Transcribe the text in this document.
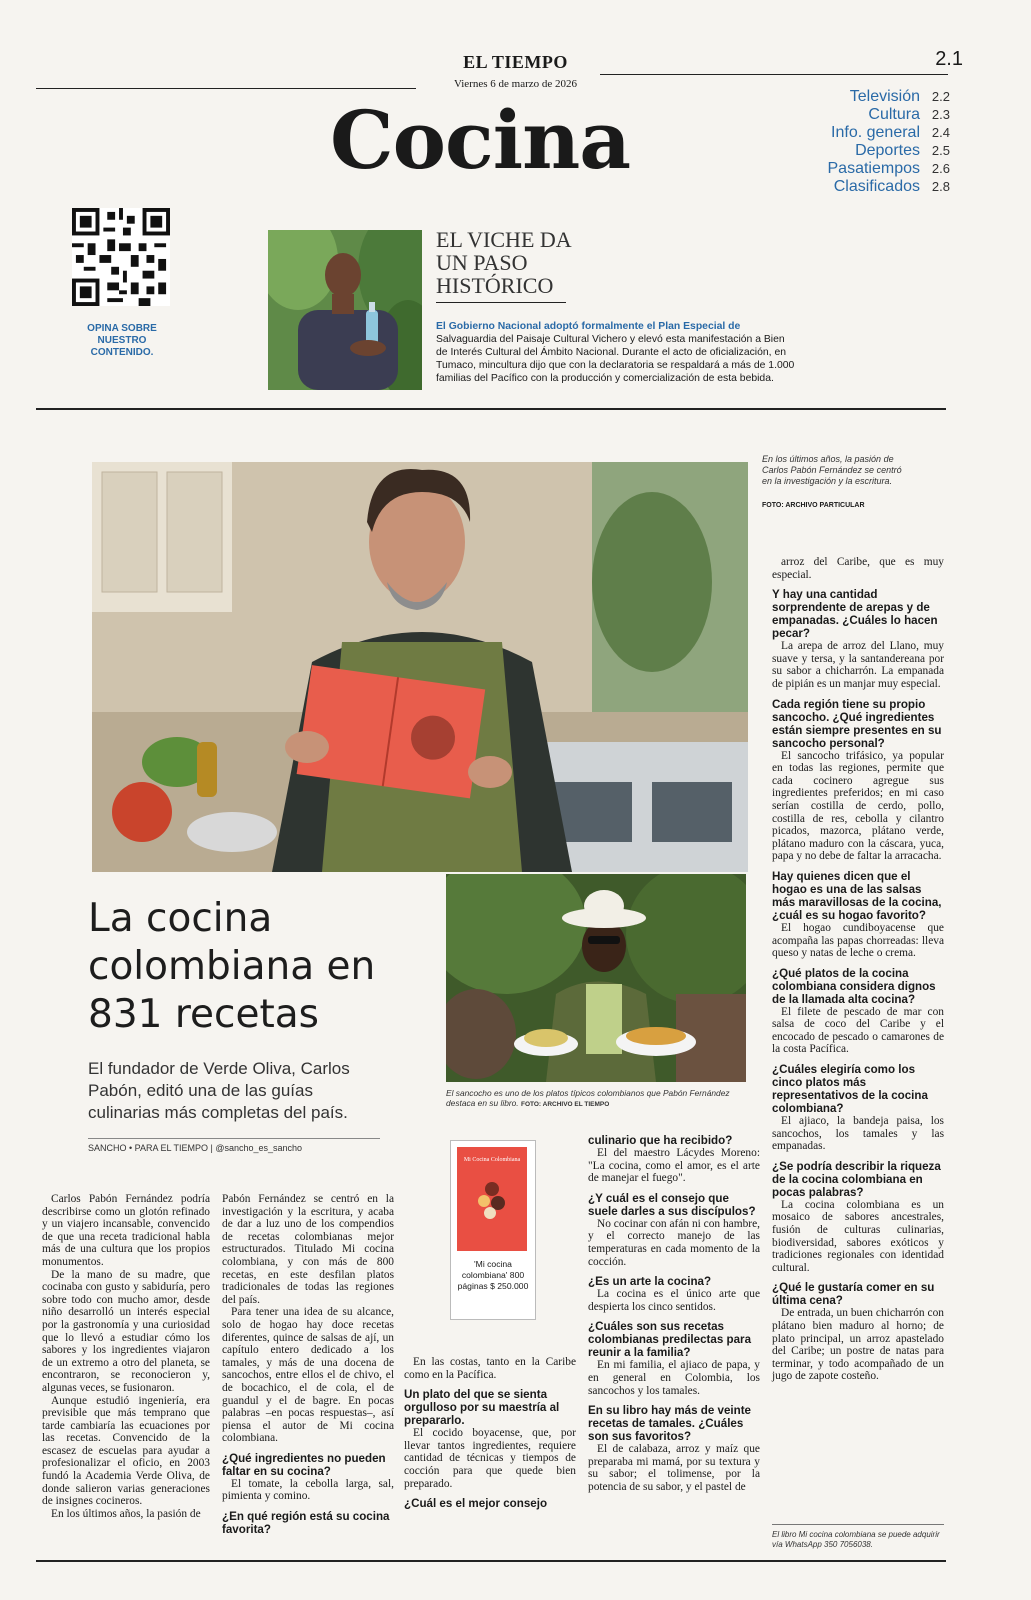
EL TIEMPO
Viernes 6 de marzo de 2026
2.1
Cocina	Televisión 2.2
Cultura 2.3
Info. general 2.4
Deportes 2.5
Pasatiempos 2.6
Clasificados 2.8
OPINA SOBRE NUESTRO CONTENIDO.
EL VICHE DA UN PASO HISTÓRICO
El Gobierno Nacional adoptó formalmente el Plan Especial de Salvaguardia del Paisaje Cultural Vichero y elevó esta manifestación a Bien de Interés Cultural del Ámbito Nacional. Durante el acto de oficialización, en Tumaco, mincultura dijo que con la declaratoria se respaldará a más de 1.000 familias del Pacífico con la producción y comercialización de esta bebida.
En los últimos años, la pasión de Carlos Pabón Fernández se centró en la investigación y la escritura.
FOTO: ARCHIVO PARTICULAR
El sancocho es uno de los platos típicos colombianos que Pabón Fernández destaca en su libro. FOTO: ARCHIVO EL TIEMPO
La cocina colombiana en 831 recetas
El fundador de Verde Oliva, Carlos Pabón, editó una de las guías culinarias más completas del país.
SANCHO • PARA EL TIEMPO | @sancho_es_sancho

Carlos Pabón Fernández podría describirse como un glotón refinado y un viajero incansable, convencido de que una receta tradicional habla más de una cultura que los propios monumentos.

De la mano de su madre, que cocinaba con gusto y sabiduría, pero sobre todo con mucho amor, desde niño desarrolló un interés especial por la gastronomía y una curiosidad que lo llevó a estudiar cómo los sabores y los ingredientes viajaron de un extremo a otro del planeta, se encontraron, se reconocieron y, algunas veces, se fusionaron.

Aunque estudió ingeniería, era previsible que más temprano que tarde cambiaría las ecuaciones por las recetas. Convencido de la escasez de escuelas para ayudar a profesionalizar el oficio, en 2003 fundó la Academia Verde Oliva, de donde salieron varias generaciones de insignes cocineros.

En los últimos años, la pasión de

Pabón Fernández se centró en la investigación y la escritura, y acaba de dar a luz uno de los compendios de recetas colombianas mejor estructurados. Titulado Mi cocina colombiana, y con más de 800 recetas, en este desfilan platos tradicionales de todas las regiones del país.

Para tener una idea de su alcance, solo de hogao hay doce recetas diferentes, quince de salsas de ají, un capítulo entero dedicado a los tamales, y más de una docena de sancochos, entre ellos el de chivo, el de bocachico, el de cola, el de guandul y el de bagre. En pocas palabras –en pocas respuestas–, así piensa el autor de Mi cocina colombiana.

¿Qué ingredientes no pueden faltar en su cocina?

El tomate, la cebolla larga, sal, pimienta y comino.

¿En qué región está su cocina favorita?
Mi Cocina Colombiana
'Mi cocina colombiana' 800 páginas $ 250.000

En las costas, tanto en la Caribe como en la Pacífica.

Un plato del que se sienta orgulloso por su maestría al prepararlo.

El cocido boyacense, que, por llevar tantos ingredientes, requiere cantidad de técnicas y tiempos de cocción para que quede bien preparado.

¿Cuál es el mejor consejo
culinario que ha recibido?

El del maestro Lácydes Moreno: "La cocina, como el amor, es el arte de manejar el fuego".

¿Y cuál es el consejo que suele darles a sus discípulos?

No cocinar con afán ni con hambre, y el correcto manejo de las temperaturas en cada momento de la cocción.

¿Es un arte la cocina?

La cocina es el único arte que despierta los cinco sentidos.

¿Cuáles son sus recetas colombianas predilectas para reunir a la familia?

En mi familia, el ajiaco de papa, y en general en Colombia, los sancochos y los tamales.

En su libro hay más de veinte recetas de tamales. ¿Cuáles son sus favoritos?

El de calabaza, arroz y maíz que preparaba mi mamá, por su textura y su sabor; el tolimense, por la potencia de su sabor, y el pastel de

arroz del Caribe, que es muy especial.

Y hay una cantidad sorprendente de arepas y de empanadas. ¿Cuáles lo hacen pecar?

La arepa de arroz del Llano, muy suave y tersa, y la santandereana por su sabor a chicharrón. La empanada de pipián es un manjar muy especial.

Cada región tiene su propio sancocho. ¿Qué ingredientes están siempre presentes en su sancocho personal?

El sancocho trifásico, ya popular en todas las regiones, permite que cada cocinero agregue sus ingredientes preferidos; en mi caso serían costilla de cerdo, pollo, costilla de res, cebolla y cilantro picados, mazorca, plátano verde, plátano maduro con la cáscara, yuca, papa y no debe de faltar la arracacha.

Hay quienes dicen que el hogao es una de las salsas más maravillosas de la cocina, ¿cuál es su hogao favorito?

El hogao cundiboyacense que acompaña las papas chorreadas: lleva queso y natas de leche o crema.

¿Qué platos de la cocina colombiana considera dignos de la llamada alta cocina?

El filete de pescado de mar con salsa de coco del Caribe y el encocado de pescado o camarones de la costa Pacífica.

¿Cuáles elegiría como los cinco platos más representativos de la cocina colombiana?

El ajiaco, la bandeja paisa, los sancochos, los tamales y las empanadas.

¿Se podría describir la riqueza de la cocina colombiana en pocas palabras?

La cocina colombiana es un mosaico de sabores ancestrales, fusión de culturas culinarias, biodiversidad, sabores exóticos y tradiciones regionales con identidad cultural.

¿Qué le gustaría comer en su última cena?

De entrada, un buen chicharrón con plátano bien maduro al horno; de plato principal, un arroz apastelado del Caribe; un postre de natas para terminar, y todo acompañado de un jugo de zapote costeño.

El libro Mi cocina colombiana se puede adquirir vía WhatsApp 350 7056038.
